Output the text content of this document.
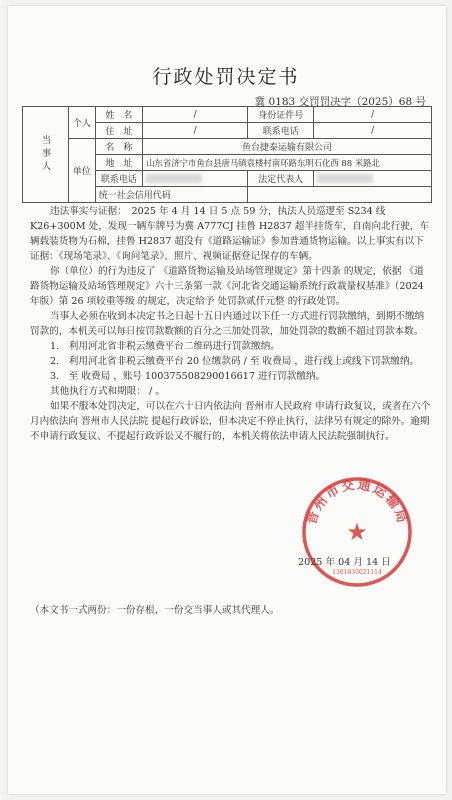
行政处罚决定书
冀 0183 交罚罚决字（2025）68 号
当事人	个人	姓　名	/	身份证件号	/
		住　址	/	联系电话	/
	单位	名　称	鱼台捷泰运输有限公司		
		地　址	山东省济宁市鱼台县唐马镇袁楼村南环路东明石化西 88 米路北		
		联系电话		法定代表人	
		统一社会信用代码			

违法事实与证据：　2025 年 4 月 14 日 5 点 59 分，执法人员巡逻至 S234 线 K26+300M 处，发现一辆车牌号为冀 A777CJ 挂鲁 H2837 超半挂货车，自南向北行驶，车辆载装货物为石棉，挂鲁 H2837 超没有《道路运输证》参加普通货物运输。以上事实有以下证据：《现场笔录》、《询问笔录》、照片、视频证据登记保存的车辆。

你（单位）的行为违反了 《道路货物运输及站场管理规定》第十四条 的规定，依据 《道路货物运输及站场管理规定》六十三条第一款《河北省交通运输系统行政裁量权基准》（2024 年版）第 26 项较重等级 的规定，决定给予 处罚款贰仟元整 的行政处罚。

当事人必须在收到本决定书之日起十五日内通过以下任一方式进行罚款缴纳，到期不缴纳罚款的，本机关可以每日按罚款数额的百分之三加处罚款，加处罚款的数额不超过罚款本数。

1.　利用河北省非税云缴费平台二维码进行罚款缴纳。

2.　利用河北省非税云缴费平台 20 位缴款码 / 至 收费局 ，进行线上或线下罚款缴纳。

3.　至 收费局 ，账号 100375508290016617 进行罚款缴纳。

其他执行方式和期限： / 。

如果不服本处罚决定，可以在六十日内依法向 晋州市人民政府 申请行政复议，或者在六个月内依法向 晋州市人民法院 提起行政诉讼，但本决定不停止执行，法律另有规定的除外。逾期不申请行政复议、不提起行政诉讼又不履行的，本机关将依法申请人民法院强制执行。

★
晋州市交通运输局
1301830021114
2025 年 04 月 14 日
（本文书一式两份：一份存根，一份交当事人或其代理人。
